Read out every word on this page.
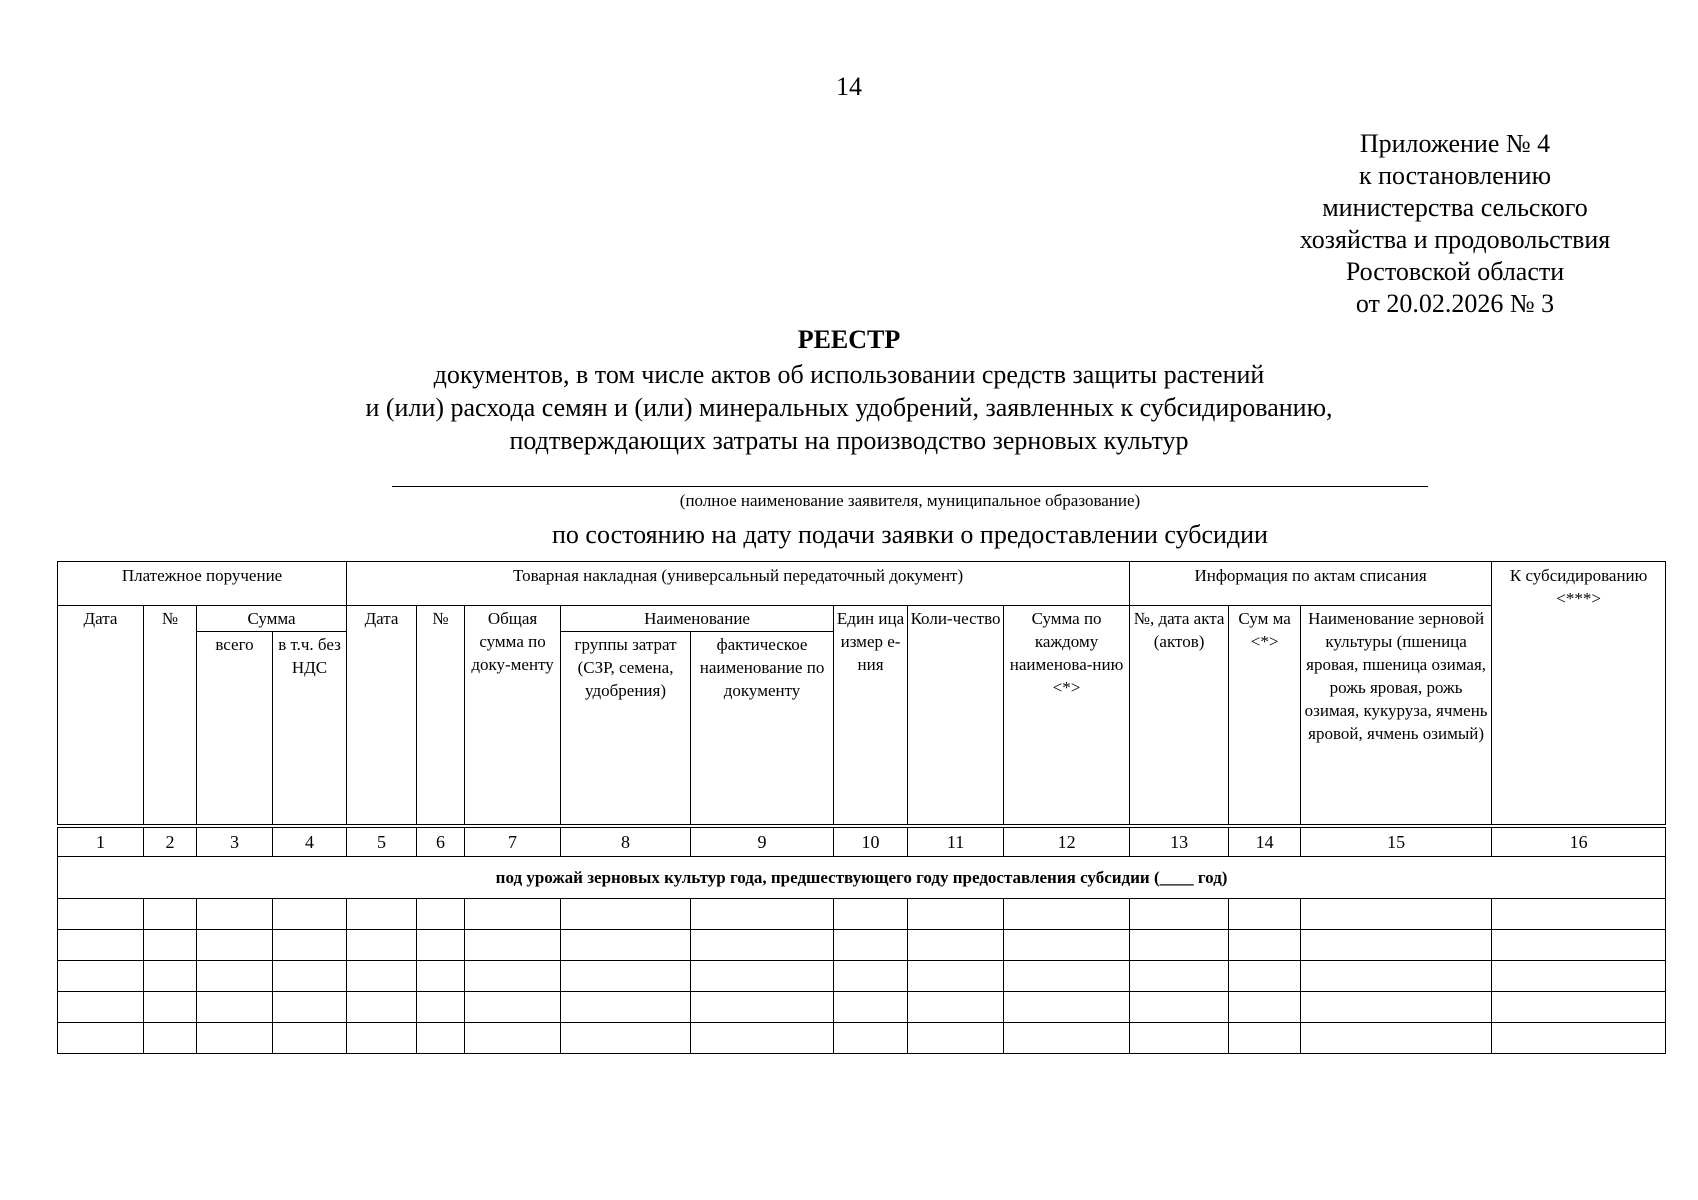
14
Приложение № 4
к постановлению
министерства сельского
хозяйства и продовольствия
Ростовской области
от 20.02.2026 № 3
РЕЕСТР
документов, в том числе актов об использовании средств защиты растений
и (или) расхода семян и (или) минеральных удобрений, заявленных к субсидированию,
подтверждающих затраты на производство зерновых культур
(полное наименование заявителя, муниципальное образование)
по состоянию на дату подачи заявки о предоставлении субсидии
Платежное поручение				Товарная накладная (универсальный передаточный документ)								Информация по актам списания			К субсидированию <***>
Дата	№	Сумма		Дата	№	Общая сумма по доку-менту	Наименование		Един ица измер е-ния	Коли-чество	Сумма по каждому наименова-нию <*>	№, дата акта (актов)	Сум ма <*>	Наименование зерновой культуры (пшеница яровая, пшеница озимая, рожь яровая, рожь озимая, кукуруза, ячмень яровой, ячмень озимый)	
		всего	в т.ч. без НДС				группы затрат (СЗР, семена, удобрения)	фактическое наименование по документу							

1	2	3	4	5	6	7	8	9	10	11	12	13	14	15	16
под урожай зерновых культур года, предшествующего году предоставления субсидии (____ год)															
